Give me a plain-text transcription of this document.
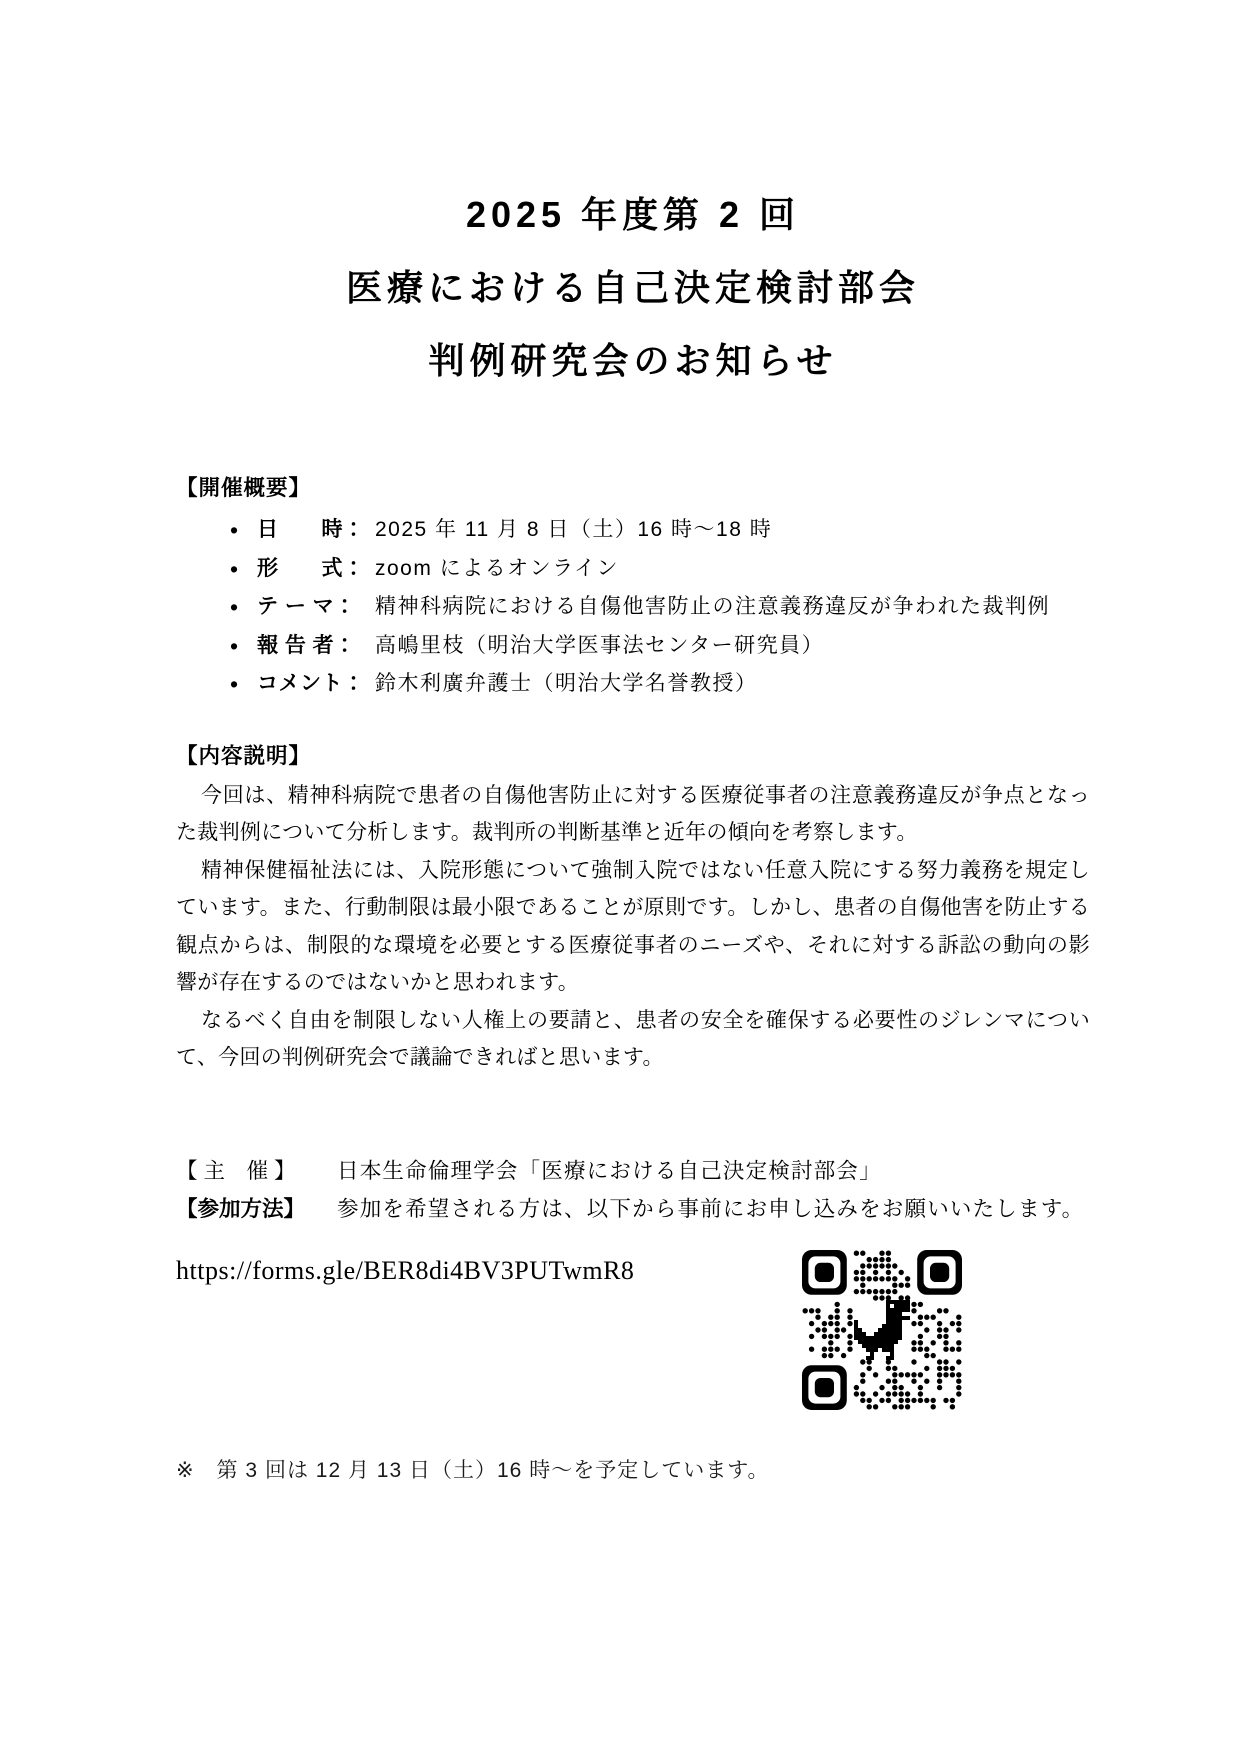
2025 年度第 2 回
医療における自己決定検討部会
判例研究会のお知らせ
【開催概要】
• 日　　時： 2025 年 11 月 8 日（土）16 時～18 時
• 形　　式： zoom によるオンライン
• テ ー マ： 精神科病院における自傷他害防止の注意義務違反が争われた裁判例
• 報 告 者： 高嶋里枝（明治大学医事法センター研究員）
• コメント： 鈴木利廣弁護士（明治大学名誉教授）
【内容説明】

今回は、精神科病院で患者の自傷他害防止に対する医療従事者の注意義務違反が争点となった裁判例について分析します。裁判所の判断基準と近年の傾向を考察します。

精神保健福祉法には、入院形態について強制入院ではない任意入院にする努力義務を規定しています。また、行動制限は最小限であることが原則です。しかし、患者の自傷他害を防止する観点からは、制限的な環境を必要とする医療従事者のニーズや、それに対する訴訟の動向の影響が存在するのではないかと思われます。

なるべく自由を制限しない人権上の要請と、患者の安全を確保する必要性のジレンマについて、今回の判例研究会で議論できればと思います。

【 主　催 】	日本生命倫理学会「医療における自己決定検討部会」
【参加方法】	参加を希望される方は、以下から事前にお申し込みをお願いいたします。
https://forms.gle/BER8di4BV3PUTwmR8

※　第 3 回は 12 月 13 日（土）16 時～を予定しています。
